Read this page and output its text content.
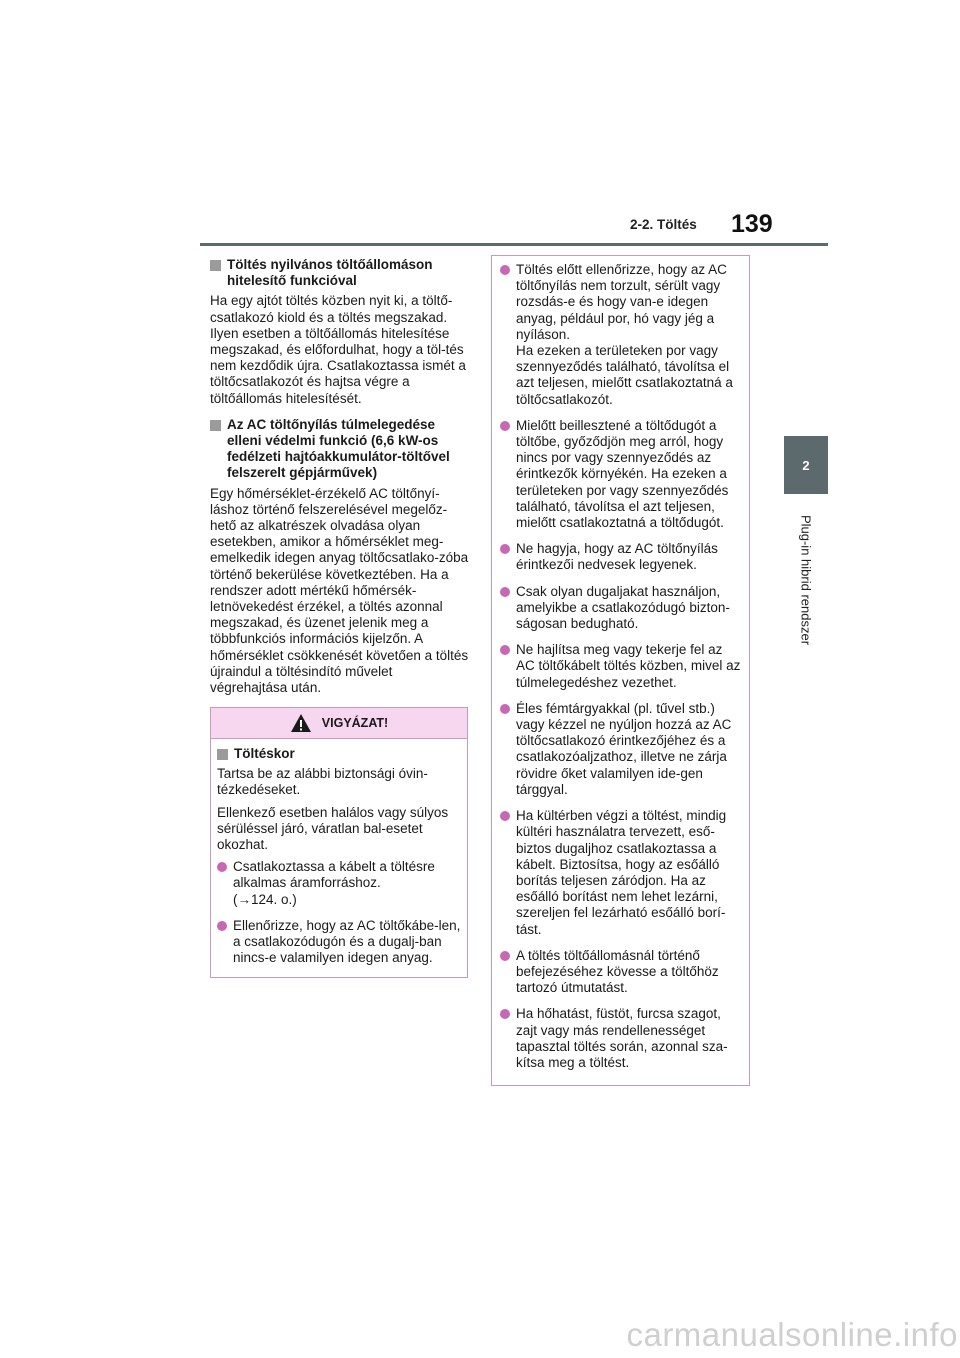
2-2. Töltés 139
2
Plug-in hibrid rendszer
Töltés nyilvános töltőállomáson hitelesítő funkcióval

Ha egy ajtót töltés közben nyit ki, a töltő-csatlakozó kiold és a töltés megszakad. Ilyen esetben a töltőállomás hitelesítése megszakad, és előfordulhat, hogy a töl-tés nem kezdődik újra. Csatlakoztassa ismét a töltőcsatlakozót és hajtsa végre a töltőállomás hitelesítését.

Az AC töltőnyílás túlmelegedése elleni védelmi funkció (6,6 kW-os fedélzeti hajtóakkumulátor-töltővel felszerelt gépjárművek)

Egy hőmérséklet-érzékelő AC töltőnyí-láshoz történő felszerelésével megelőz-hető az alkatrészek olvadása olyan esetekben, amikor a hőmérséklet meg-emelkedik idegen anyag töltőcsatlako-zóba történő bekerülése következtében. Ha a rendszer adott mértékű hőmérsék-letnövekedést érzékel, a töltés azonnal megszakad, és üzenet jelenik meg a többfunkciós információs kijelzőn. A hőmérséklet csökkenését követően a töltés újraindul a töltésindító művelet végrehajtása után.

VIGYÁZAT!
Töltéskor

Tartsa be az alábbi biztonsági óvin-tézkedéseket.

Ellenkező esetben halálos vagy súlyos sérüléssel járó, váratlan bal-esetet okozhat.

Csatlakoztassa a kábelt a töltésre alkalmas áramforráshoz.
(→124. o.)
Ellenőrizze, hogy az AC töltőkábe-len, a csatlakozódugón és a dugalj-ban nincs-e valamilyen idegen anyag.
Töltés előtt ellenőrizze, hogy az AC töltőnyílás nem torzult, sérült vagy rozsdás-e és hogy van-e idegen anyag, például por, hó vagy jég a nyíláson.
Ha ezeken a területeken por vagy szennyeződés található, távolítsa el azt teljesen, mielőtt csatlakoztatná a töltőcsatlakozót.
Mielőtt beillesztené a töltődugót a töltőbe, győződjön meg arról, hogy nincs por vagy szennyeződés az érintkezők környékén. Ha ezeken a területeken por vagy szennyeződés található, távolítsa el azt teljesen, mielőtt csatlakoztatná a töltődugót.
Ne hagyja, hogy az AC töltőnyílás érintkezői nedvesek legyenek.
Csak olyan dugaljakat használjon, amelyikbe a csatlakozódugó bizton-ságosan bedugható.
Ne hajlítsa meg vagy tekerje fel az AC töltőkábelt töltés közben, mivel az túlmelegedéshez vezethet.
Éles fémtárgyakkal (pl. tűvel stb.) vagy kézzel ne nyúljon hozzá az AC töltőcsatlakozó érintkezőjéhez és a csatlakozóaljzathoz, illetve ne zárja rövidre őket valamilyen ide-gen tárggyal.
Ha kültérben végzi a töltést, mindig kültéri használatra tervezett, eső-biztos dugaljhoz csatlakoztassa a kábelt. Biztosítsa, hogy az esőálló borítás teljesen záródjon. Ha az esőálló borítást nem lehet lezárni, szereljen fel lezárható esőálló borí-tást.
A töltés töltőállomásnál történő befejezéséhez kövesse a töltőhöz tartozó útmutatást.
Ha hőhatást, füstöt, furcsa szagot, zajt vagy más rendellenességet tapasztal töltés során, azonnal sza-kítsa meg a töltést.
carmanualsonline.info
